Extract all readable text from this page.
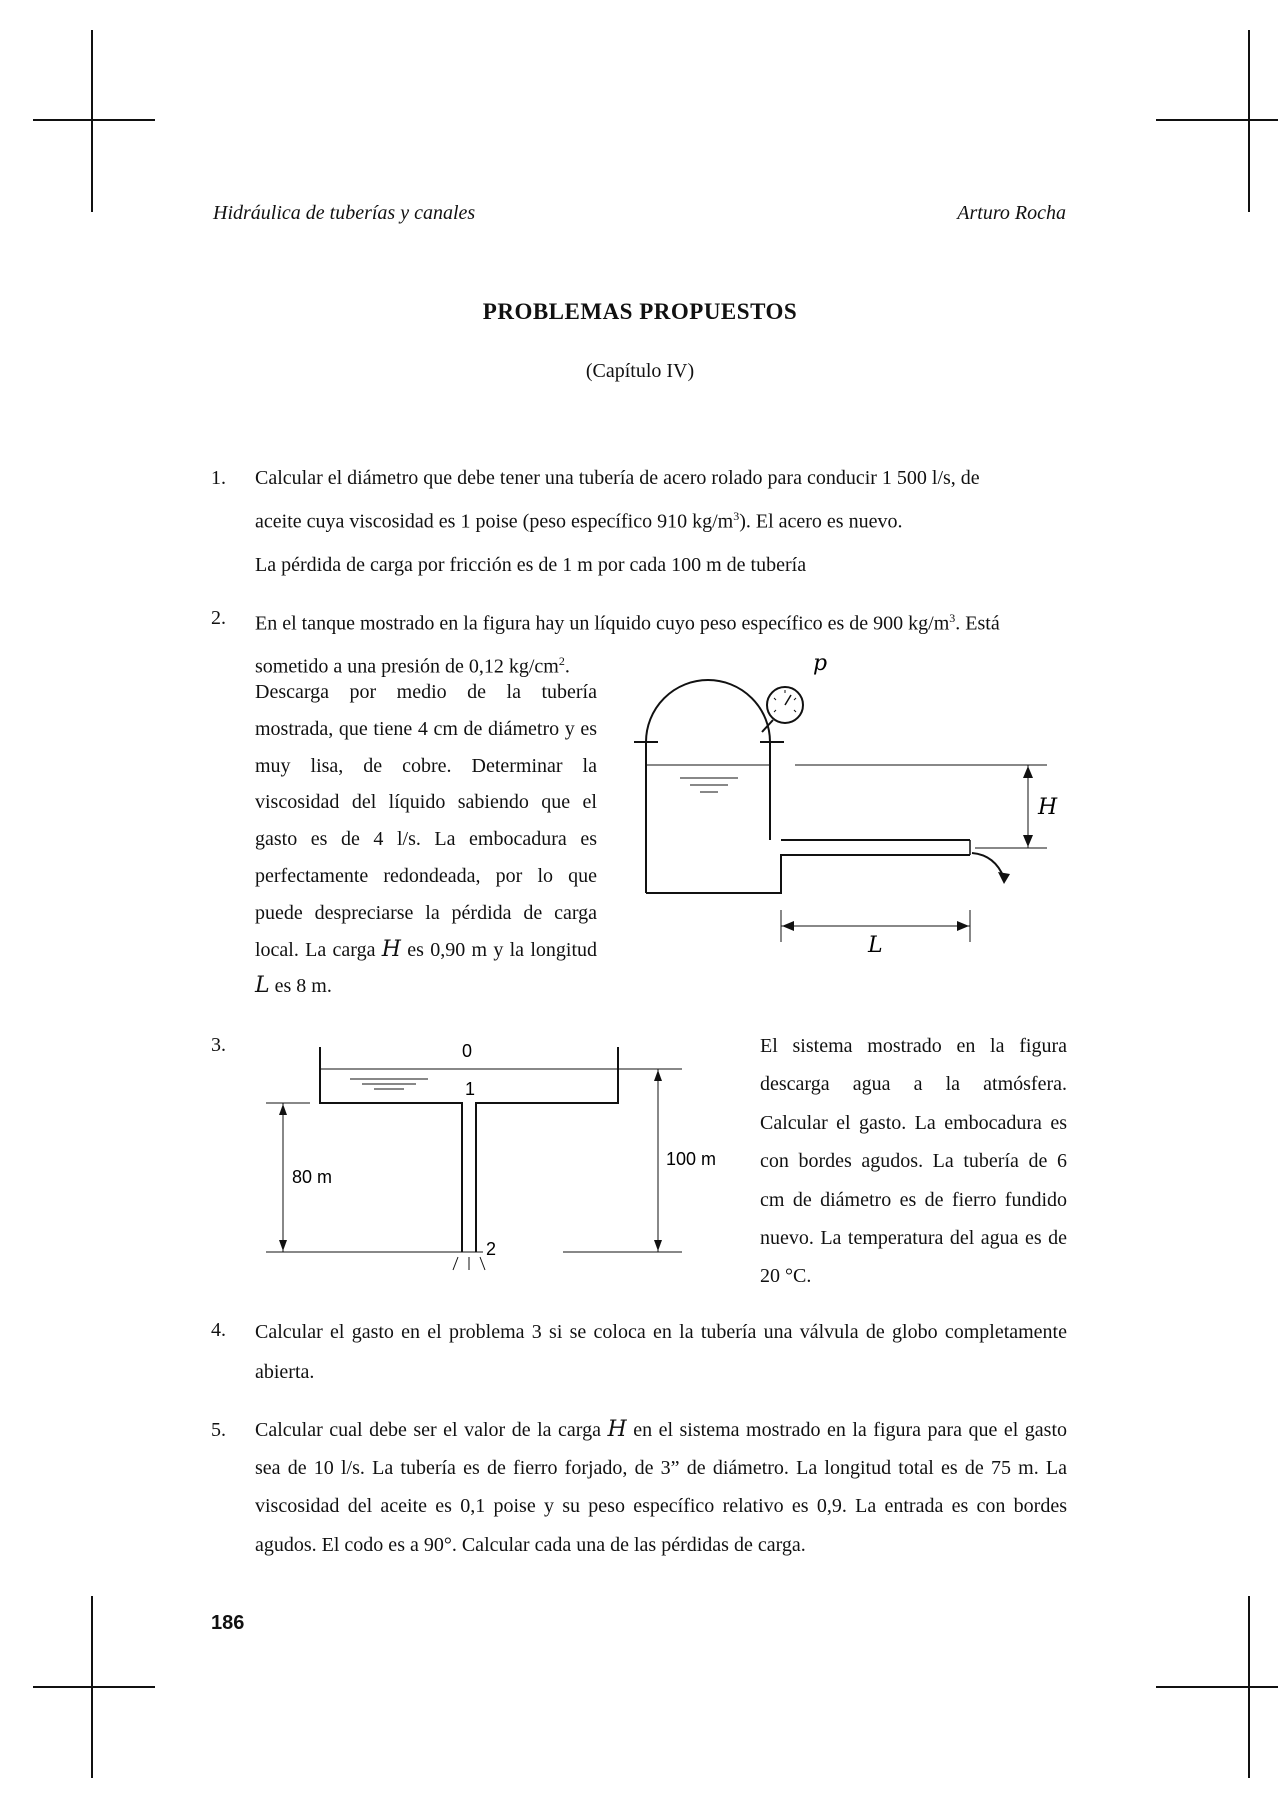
Hidráulica de tuberías y canales	Arturo Rocha
PROBLEMAS PROPUESTOS
(Capítulo IV)
1. Calcular el diámetro que debe tener una tubería de acero rolado para conducir 1 500 l/s, de
aceite cuya viscosidad es 1 poise (peso específico 910 $kg/m^3$). El acero es nuevo.
La pérdida de carga por fricción es de 1 m por cada 100 m de tubería
2. En el tanque mostrado en la figura hay un líquido cuyo peso específico es de 900 $kg/m^3$. Está
sometido a una presión de 0,12 $kg/cm^2$.
Descarga por medio de la tubería mostrada, que tiene 4 cm de diámetro y es muy lisa, de cobre. Determinar la viscosidad del líquido sabiendo que el gasto es de 4 l/s. La embocadura es perfectamente redondeada, por lo que puede despreciarse la pérdida de carga local. La carga H es 0,90 m y la longitud L es 8 m.
p
H
L
3.	El sistema mostrado en la figura descarga agua a la atmósfera. Calcular el gasto. La embocadura es con bordes agudos. La tubería de 6 cm de diámetro es de fierro fundido nuevo. La temperatura del agua es de 20 °C.
0
1
2
80 m
100 m
4. Calcular el gasto en el problema 3 si se coloca en la tubería una válvula de globo completamente abierta.
5. Calcular cual debe ser el valor de la carga H en el sistema mostrado en la figura para que el gasto sea de 10 l/s. La tubería es de fierro forjado, de 3” de diámetro. La longitud total es de 75 m. La viscosidad del aceite es 0,1 poise y su peso específico relativo es 0,9. La entrada es con bordes agudos. El codo es a 90°. Calcular cada una de las pérdidas de carga.
186
